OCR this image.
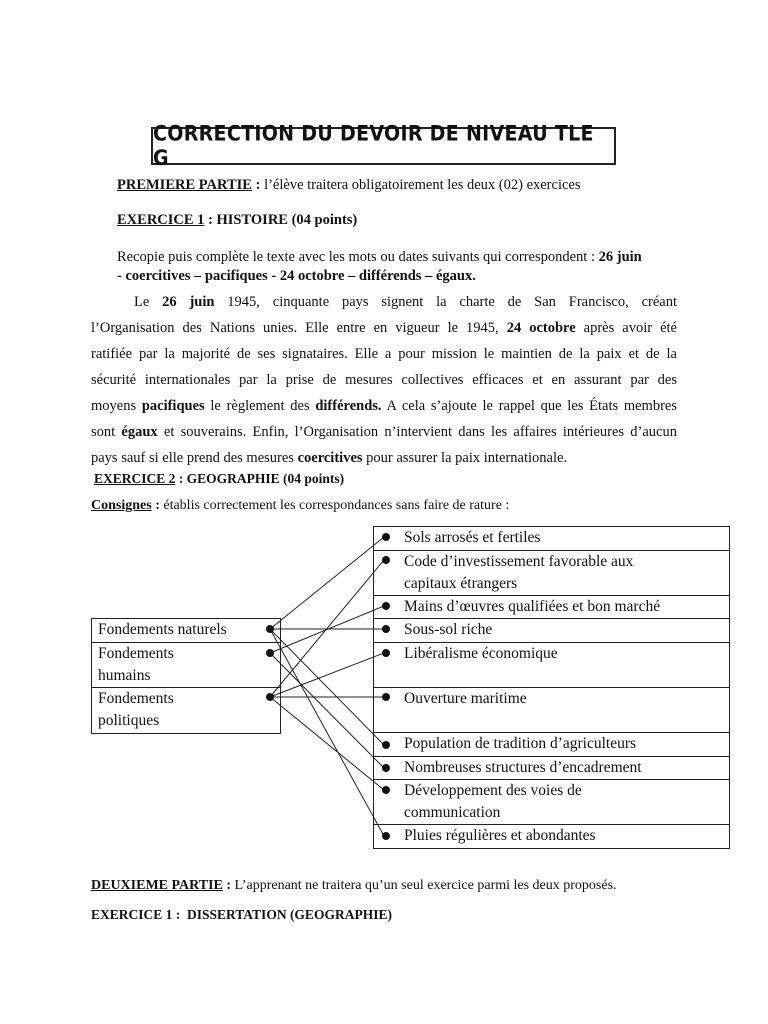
CORRECTION DU DEVOIR DE NIVEAU TLE G
PREMIERE PARTIE : l’élève traitera obligatoirement les deux (02) exercices
EXERCICE 1 : HISTOIRE (04 points)
Recopie puis complète le texte avec les mots ou dates suivants qui correspondent : 26 juin
- coercitives – pacifiques - 24 octobre – différends – égaux.

Le 26 juin 1945, cinquante pays signent la charte de San Francisco, créant

l’Organisation des Nations unies. Elle entre en vigueur le 1945, 24 octobre après avoir été

ratifiée par la majorité de ses signataires. Elle a pour mission le maintien de la paix et de la

sécurité internationales par la prise de mesures collectives efficaces et en assurant par des

moyens pacifiques le règlement des différends. A cela s’ajoute le rappel que les États membres

sont égaux et souverains. Enfin, l’Organisation n’intervient dans les affaires intérieures d’aucun

pays sauf si elle prend des mesures coercitives pour assurer la paix internationale.

EXERCICE 2 : GEOGRAPHIE (04 points)
Consignes : établis correctement les correspondances sans faire de rature :
Fondements naturels

Fondements
humains

Fondements
politiques
Sols arrosés et fertiles

Code d’investissement favorable aux
capitaux étrangers

Mains d’œuvres qualifiées et bon marché

Sous-sol riche

Libéralisme économique

Ouverture maritime

Population de tradition d’agriculteurs

Nombreuses structures d’encadrement

Développement des voies de
communication

Pluies régulières et abondantes
DEUXIEME PARTIE : L’apprenant ne traitera qu’un seul exercice parmi les deux proposés.
EXERCICE 1 :  DISSERTATION (GEOGRAPHIE)
